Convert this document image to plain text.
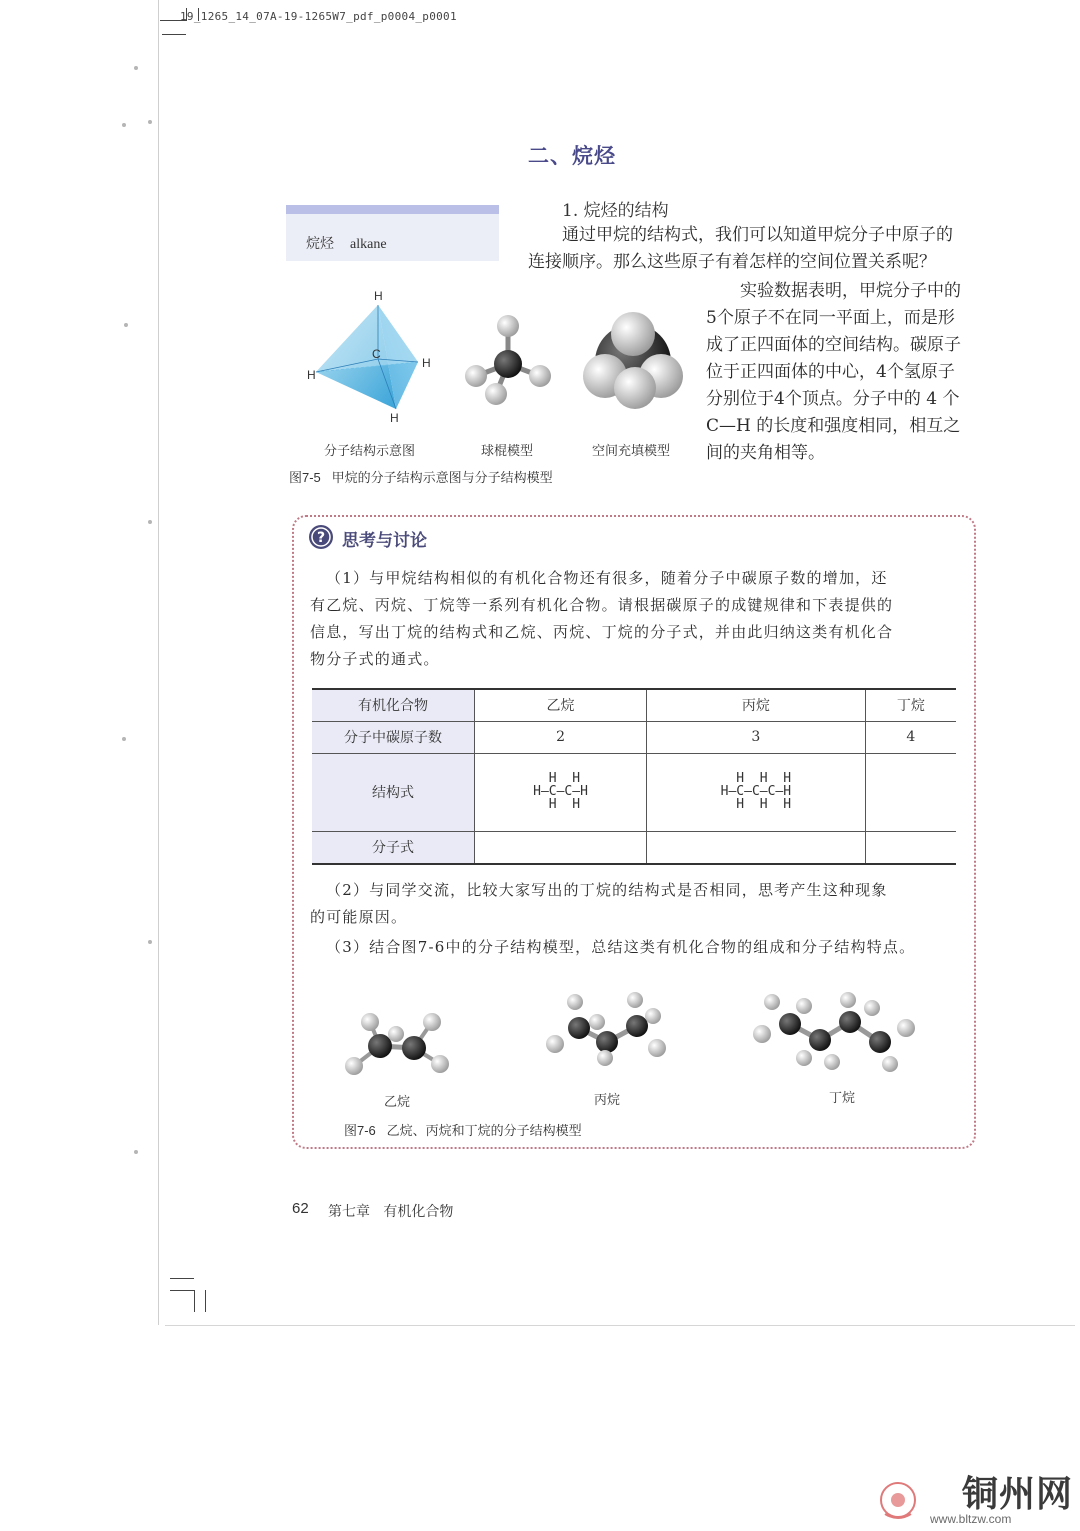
19_1265_14_07A-19-1265W7_pdf_p0004_p0001
二、烷烃
烷烃 alkane
1. 烷烃的结构
通过甲烷的结构式，我们可以知道甲烷分子中原子的
连接顺序。那么这些原子有着怎样的空间位置关系呢？
实验数据表明，甲烷分子中的
5个原子不在同一平面上，而是形
成了正四面体的空间结构。碳原子
位于正四面体的中心，4个氢原子
分别位于4个顶点。分子中的 4 个
C—H 的长度和强度相同，相互之
间的夹角相等。
H
C
H
H
H
分子结构示意图	球棍模型	空间充填模型
图7-5   甲烷的分子结构示意图与分子结构模型
? 思考与讨论
（1）与甲烷结构相似的有机化合物还有很多，随着分子中碳原子数的增加，还
有乙烷、丙烷、丁烷等一系列有机化合物。请根据碳原子的成键规律和下表提供的
信息，写出丁烷的结构式和乙烷、丙烷、丁烷的分子式，并由此归纳这类有机化合
物分子式的通式。
有机化合物	乙烷	丙烷	丁烷
分子中碳原子数	2	3	4
结构式	H  H
H—C—C—H
H  H	H  H  H
H—C—C—C—H
H  H  H	
分子式			
（2）与同学交流，比较大家写出的丁烷的结构式是否相同，思考产生这种现象
的可能原因。
（3）结合图7-6中的分子结构模型，总结这类有机化合物的组成和分子结构特点。
乙烷	丙烷	丁烷
图7-6   乙烷、丙烷和丁烷的分子结构模型
62 第七章   有机化合物
铜州网
www.bltzw.com
